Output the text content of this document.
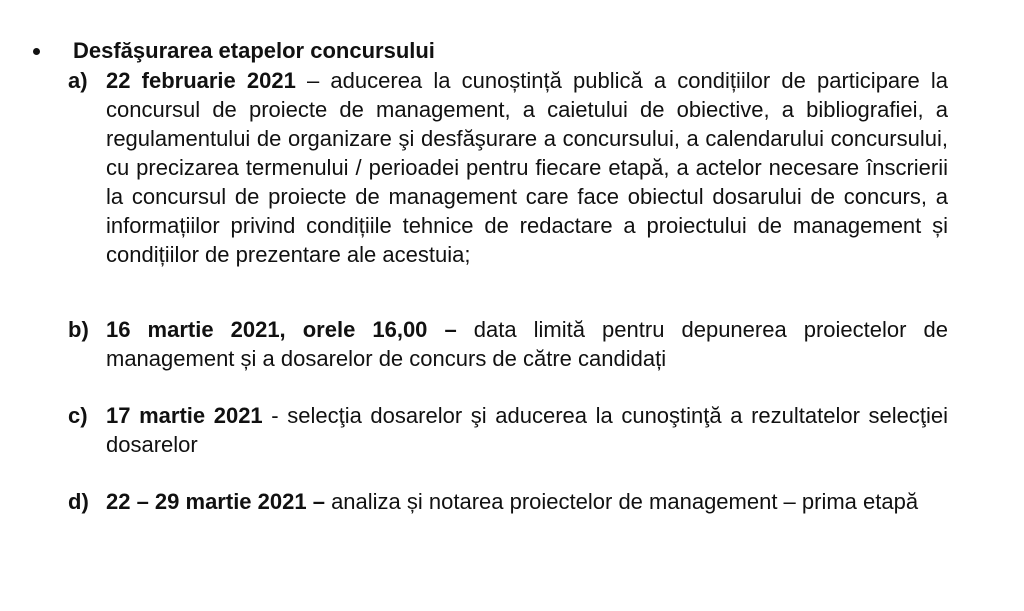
Desfăşurarea etapelor concursului
a) 22 februarie 2021 – aducerea la cunoștință publică a condițiilor de participare la concursul de proiecte de management, a caietului de obiective, a bibliografiei, a regulamentului de organizare şi desfăşurare a concursului, a calendarului concursului, cu precizarea termenului / perioadei pentru fiecare etapă, a actelor necesare înscrierii la concursul de proiecte de management care face obiectul dosarului de concurs, a informațiilor privind condițiile tehnice de redactare a proiectului de management și condițiilor de prezentare ale acestuia;
b) 16 martie 2021, orele 16,00 – data limită pentru depunerea proiectelor de management și a dosarelor de concurs de către candidați
c) 17 martie 2021 - selecţia dosarelor şi aducerea la cunoştinţă a rezultatelor selecţiei dosarelor
d) 22 – 29 martie 2021 – analiza și notarea proiectelor de management – prima etapă
